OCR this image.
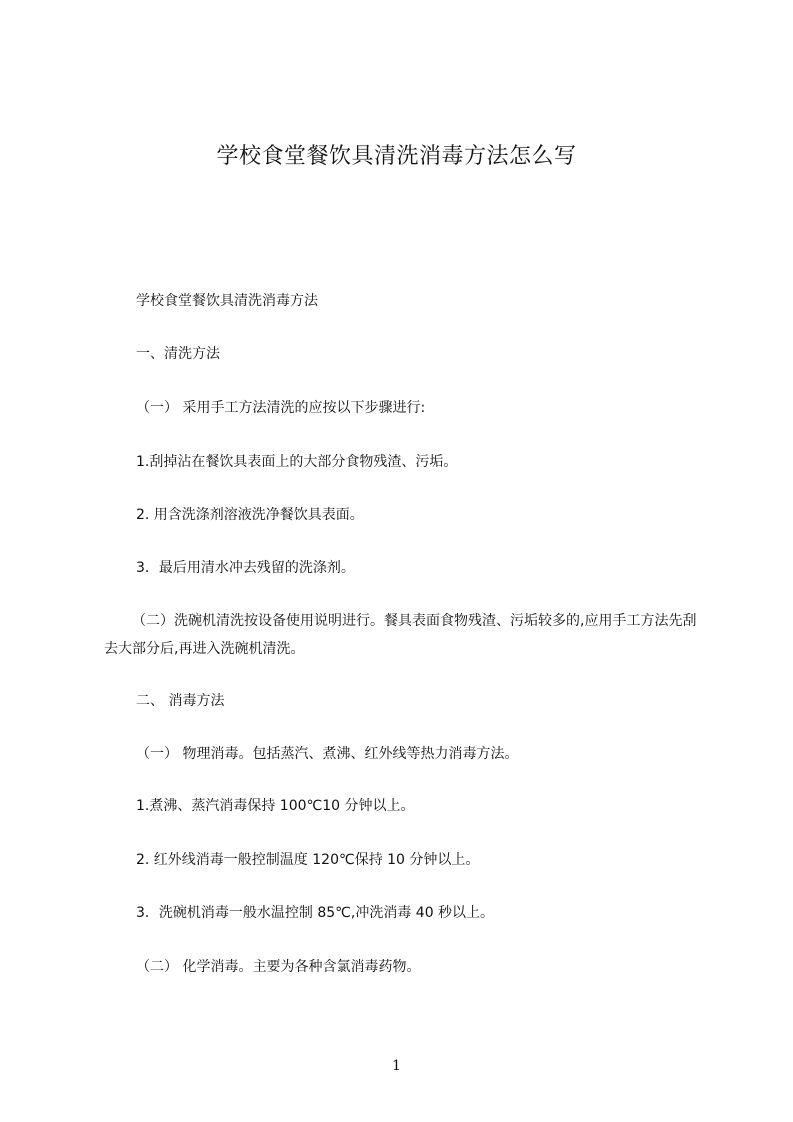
学校食堂餐饮具清洗消毒方法怎么写
学校食堂餐饮具清洗消毒方法
一、清洗方法
（一） 采用手工方法清洗的应按以下步骤进行:
1.刮掉沾在餐饮具表面上的大部分食物残渣、污垢。
2. 用含洗涤剂溶液洗净餐饮具表面。
3．最后用清水冲去残留的洗涤剂。
（二）洗碗机清洗按设备使用说明进行。餐具表面食物残渣、污垢较多的,应用手工方法先刮去大部分后,再进入洗碗机清洗。
二、 消毒方法
（一） 物理消毒。包括蒸汽、煮沸、红外线等热力消毒方法。
1.煮沸、蒸汽消毒保持 100℃10 分钟以上。
2. 红外线消毒一般控制温度 120℃保持 10 分钟以上。
3．洗碗机消毒一般水温控制 85℃,冲洗消毒 40 秒以上。
（二） 化学消毒。主要为各种含氯消毒药物。
1
